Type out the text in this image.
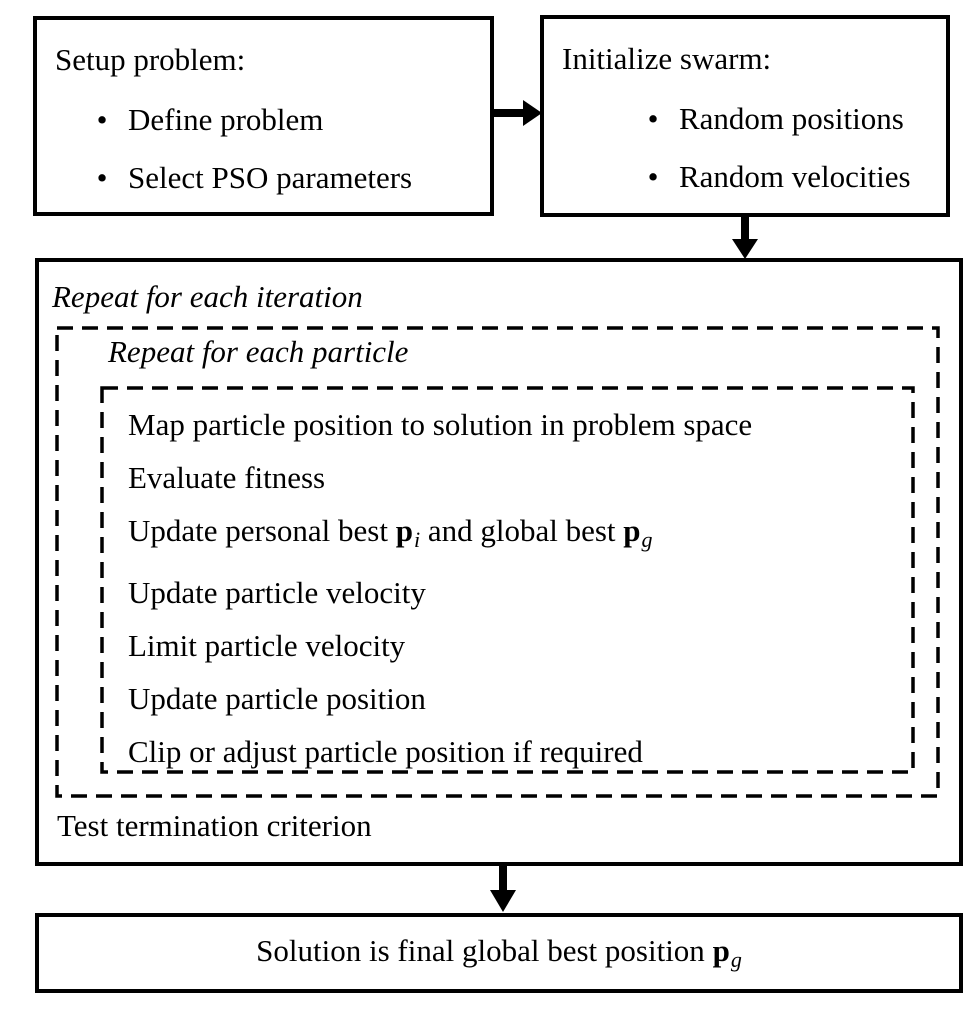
Setup problem:
• Define problem
• Select PSO parameters
Initialize swarm:
• Random positions
• Random velocities
Repeat for each iteration
Repeat for each particle
Map particle position to solution in problem space
Evaluate fitness
Update personal best pi and global best pg
Update particle velocity
Limit particle velocity
Update particle position
Clip or adjust particle position if required
Test termination criterion
Solution is final global best position pg
